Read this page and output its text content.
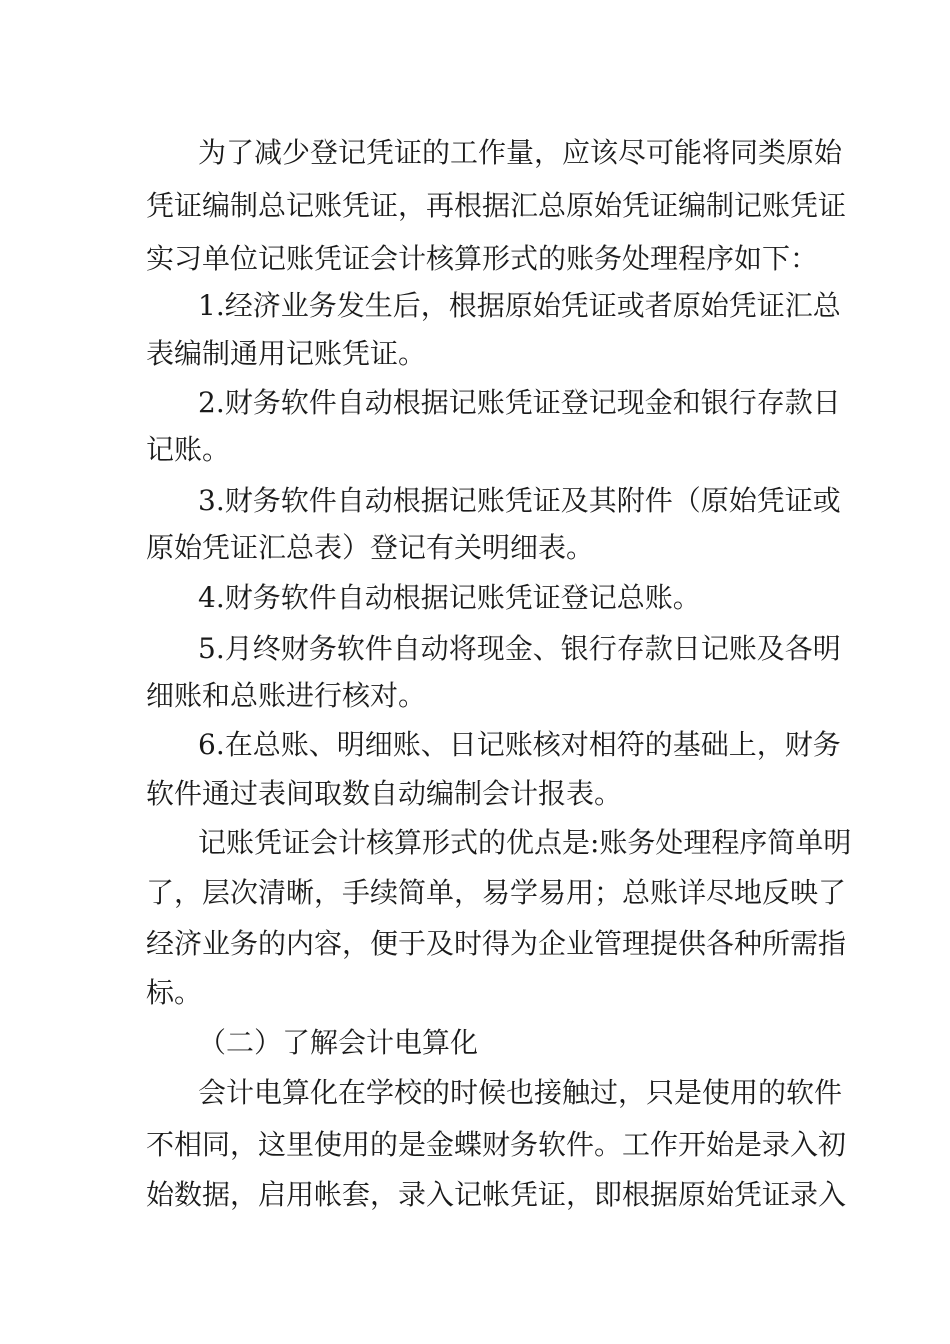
为了减少登记凭证的工作量，应该尽可能将同类原始
凭证编制总记账凭证，再根据汇总原始凭证编制记账凭证
实习单位记账凭证会计核算形式的账务处理程序如下：
1.经济业务发生后，根据原始凭证或者原始凭证汇总
表编制通用记账凭证。
2.财务软件自动根据记账凭证登记现金和银行存款日
记账。
3.财务软件自动根据记账凭证及其附件（原始凭证或
原始凭证汇总表）登记有关明细表。
4.财务软件自动根据记账凭证登记总账。
5.月终财务软件自动将现金、银行存款日记账及各明
细账和总账进行核对。
6.在总账、明细账、日记账核对相符的基础上，财务
软件通过表间取数自动编制会计报表。
记账凭证会计核算形式的优点是:账务处理程序简单明
了，层次清晰，手续简单，易学易用；总账详尽地反映了
经济业务的内容，便于及时得为企业管理提供各种所需指
标。
（二）了解会计电算化
会计电算化在学校的时候也接触过，只是使用的软件
不相同，这里使用的是金蝶财务软件。工作开始是录入初
始数据，启用帐套，录入记帐凭证，即根据原始凭证录入
